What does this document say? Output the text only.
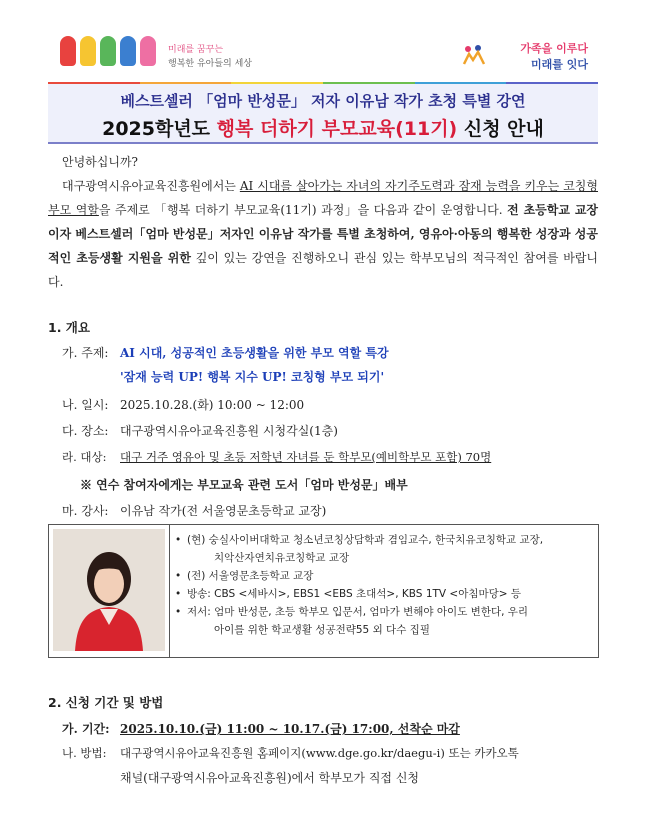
미래를 꿈꾸는
행복한 유아들의 세상
가족을 이루다
미래를 잇다
베스트셀러 「엄마 반성문」 저자 이유남 작가 초청 특별 강연
2025학년도 행복 더하기 부모교육(11기) 신청 안내
안녕하십니까?
대구광역시유아교육진흥원에서는 AI 시대를 살아가는 자녀의 자기주도력과 잠재 능력을 키우는 코칭형 부모 역할을 주제로 「행복 더하기 부모교육(11기) 과정」을 다음과 같이 운영합니다. 전 초등학교 교장이자 베스트셀러「엄마 반성문」저자인 이유남 작가를 특별 초청하여, 영유아·아동의 행복한 성장과 성공적인 초등생활 지원을 위한 깊이 있는 강연을 진행하오니 관심 있는 학부모님의 적극적인 참여를 바랍니다.
1. 개요
가. 주제: AI 시대, 성공적인 초등생활을 위한 부모 역할 특강
'잠재 능력 UP! 행복 지수 UP! 코칭형 부모 되기'
나. 일시: 2025.10.28.(화) 10:00 ~ 12:00
다. 장소: 대구광역시유아교육진흥원 시청각실(1층)
라. 대상: 대구 거주 영유아 및 초등 저학년 자녀를 둔 학부모(예비학부모 포함) 70명
※ 연수 참여자에게는 부모교육 관련 도서「엄마 반성문」배부
마. 강사: 이유남 작가(전 서울영문초등학교 교장)
• (현) 숭실사이버대학교 청소년코칭상담학과 겸임교수, 한국치유코칭학교 교장,
치악산자연치유코칭학교 교장
• (전) 서울영문초등학교 교장
• 방송: CBS <세바시>, EBS1 <EBS 초대석>, KBS 1TV <아침마당> 등
• 저서: 엄마 반성문, 초등 학부모 입문서, 엄마가 변해야 아이도 변한다, 우리
아이를 위한 학교생활 성공전략55 외 다수 집필
2. 신청 기간 및 방법
가. 기간: 2025.10.10.(금) 11:00 ~ 10.17.(금) 17:00, 선착순 마감
나. 방법: 대구광역시유아교육진흥원 홈페이지(www.dge.go.kr/daegu-i) 또는 카카오톡
채널(대구광역시유아교육진흥원)에서 학부모가 직접 신청
